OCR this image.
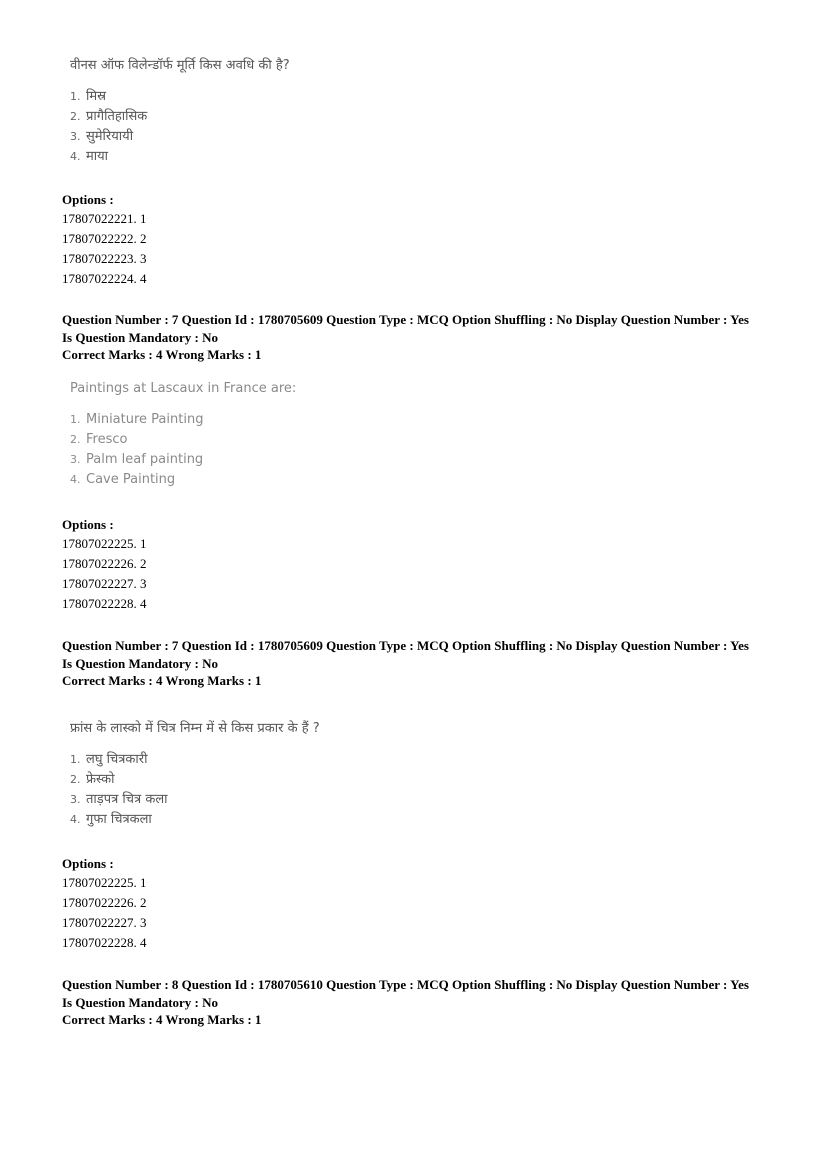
वीनस ऑफ विलेन्डॉर्फ मूर्ति किस अवधि की है?
1. मिस्र
2. प्रागैतिहासिक
3. सुमेरियायी
4. माया
Options :
17807022221. 1
17807022222. 2
17807022223. 3
17807022224. 4
Question Number : 7 Question Id : 1780705609 Question Type : MCQ Option Shuffling : No Display Question Number : Yes
Is Question Mandatory : No
Correct Marks : 4 Wrong Marks : 1
Paintings at Lascaux in France are:
1. Miniature Painting
2. Fresco
3. Palm leaf painting
4. Cave Painting
Options :
17807022225. 1
17807022226. 2
17807022227. 3
17807022228. 4
Question Number : 7 Question Id : 1780705609 Question Type : MCQ Option Shuffling : No Display Question Number : Yes
Is Question Mandatory : No
Correct Marks : 4 Wrong Marks : 1
फ्रांस के लास्को में चित्र निम्न में से किस प्रकार के हैं ?
1. लघु चित्रकारी
2. फ्रेस्को
3. ताड़पत्र चित्र कला
4. गुफा चित्रकला
Options :
17807022225. 1
17807022226. 2
17807022227. 3
17807022228. 4
Question Number : 8 Question Id : 1780705610 Question Type : MCQ Option Shuffling : No Display Question Number : Yes
Is Question Mandatory : No
Correct Marks : 4 Wrong Marks : 1
